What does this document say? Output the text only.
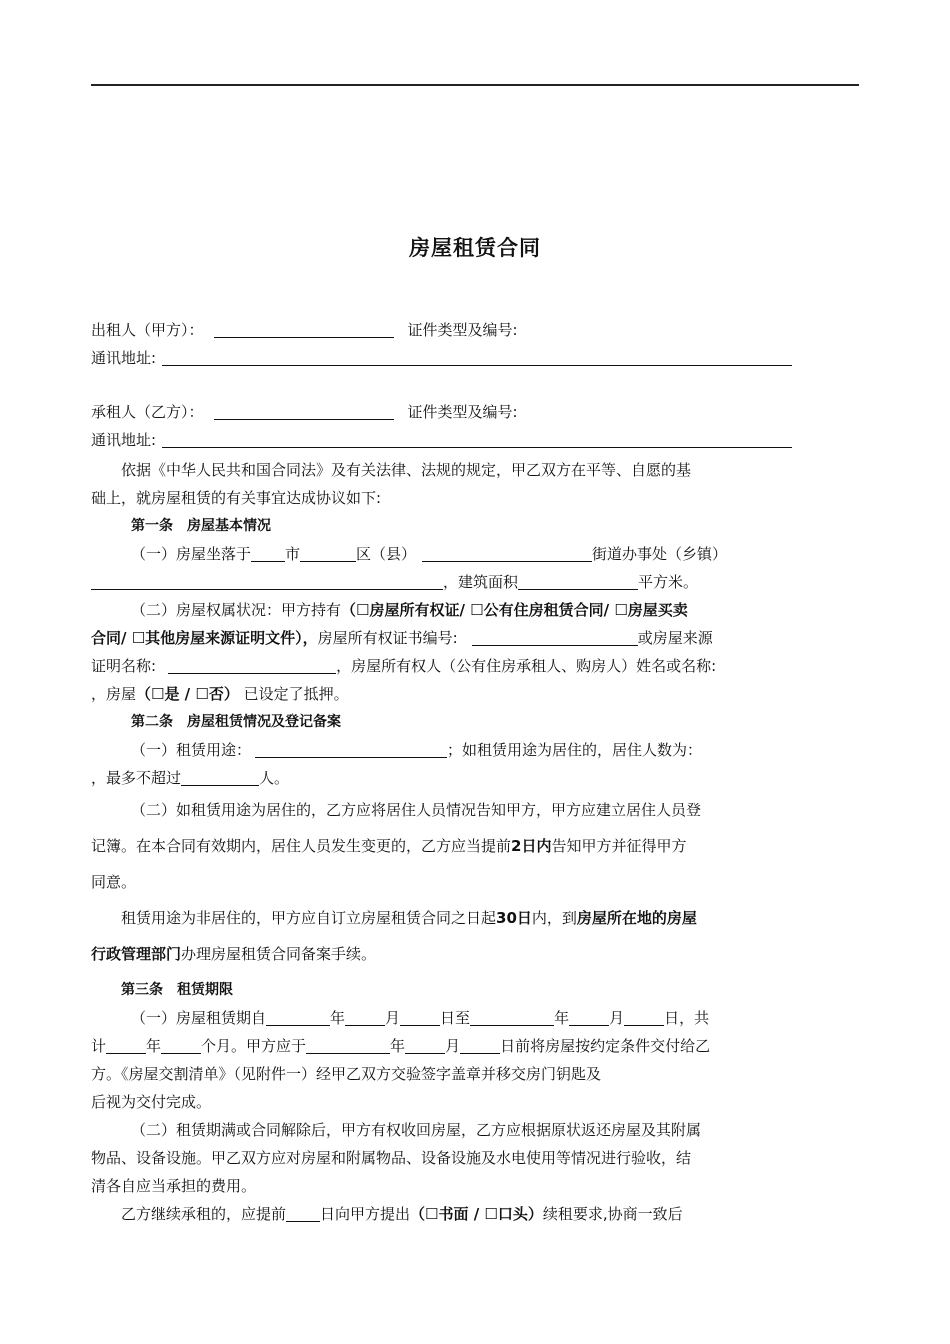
房屋租赁合同
出租人（甲方）：	证件类型及编号:
通讯地址:
承租人（乙方）：	证件类型及编号:
通讯地址:
依据《中华人民共和国合同法》及有关法律、法规的规定，甲乙双方在平等、自愿的基
础上，就房屋租赁的有关事宜达成协议如下:
第一条　房屋基本情况
（一）房屋坐落于 市	区（县）	街道办事处（乡镇）
，建筑面积	平方米。
（二）房屋权属状况：甲方持有（☐房屋所有权证/ ☐公有住房租赁合同/ ☐房屋买卖
合同/ ☐其他房屋来源证明文件），房屋所有权证书编号:	或房屋来源
证明名称:	，房屋所有权人（公有住房承租人、购房人）姓名或名称:
，房屋（☐是 / ☐否） 已设定了抵押。
第二条　房屋租赁情况及登记备案
（一）租赁用途：	；如租赁用途为居住的，居住人数为：
，最多不超过	人。
（二）如租赁用途为居住的，乙方应将居住人员情况告知甲方，甲方应建立居住人员登
记簿。在本合同有效期内，居住人员发生变更的，乙方应当提前2日内告知甲方并征得甲方
同意。
租赁用途为非居住的，甲方应自订立房屋租赁合同之日起30日内，到房屋所在地的房屋
行政管理部门办理房屋租赁合同备案手续。
第三条　租赁期限
（一）房屋租赁期自	年	月	日至	年	月	日，共
计	年	个月。甲方应于	年	月	日前将房屋按约定条件交付给乙
方。《房屋交割清单》（见附件一）经甲乙双方交验签字盖章并移交房门钥匙及
后视为交付完成。
（二）租赁期满或合同解除后，甲方有权收回房屋，乙方应根据原状返还房屋及其附属
物品、设备设施。甲乙双方应对房屋和附属物品、设备设施及水电使用等情况进行验收，结
清各自应当承担的费用。
乙方继续承租的，应提前 日向甲方提出（☐书面 / ☐口头）续租要求,协商一致后
